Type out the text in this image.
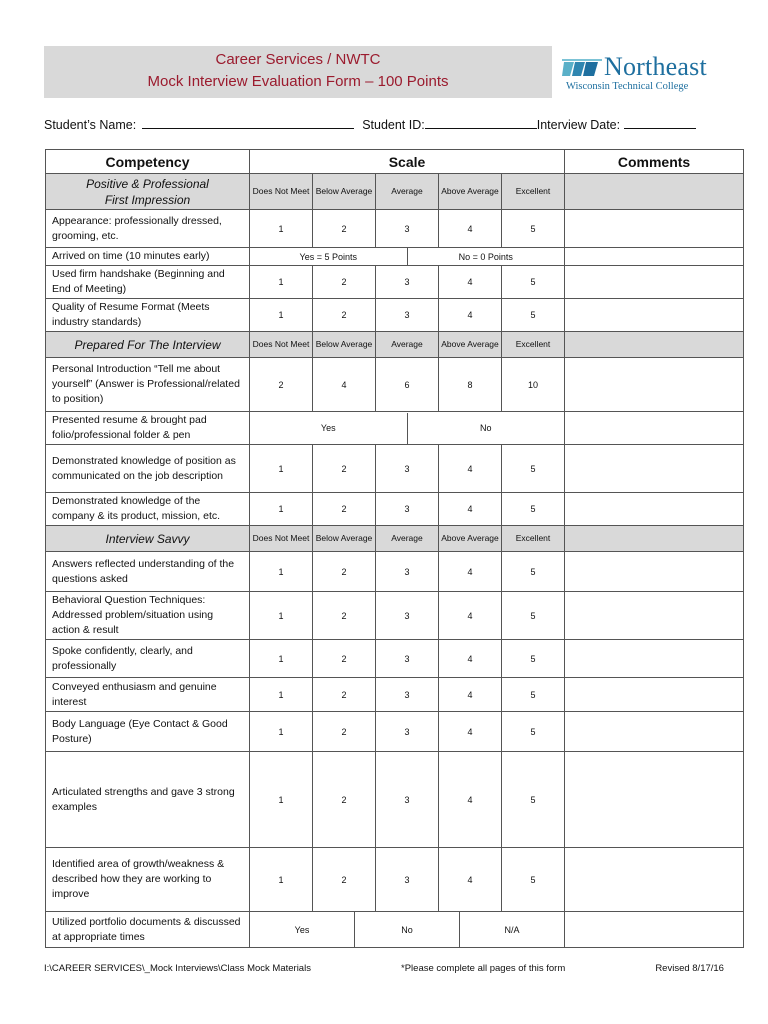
Career Services / NWTC
Mock Interview Evaluation Form – 100 Points
Northeast
Wisconsin Technical College
Student’s Name:	Student ID:	Interview Date:
Competency	Scale					Comments

Positive & Professional
First Impression	Does Not Meet	Below Average	Average	Above Average	Excellent	
Appearance: professionally dressed, grooming, etc.	1	2	3	4	5	
Arrived on time (10 minutes early)	Yes = 5 Points No = 0 Points					

Used firm handshake (Beginning and End of Meeting)	1	2	3	4	5	
Quality of Resume Format (Meets industry standards)	1	2	3	4	5	

Prepared For The Interview	Does Not Meet	Below Average	Average	Above Average	Excellent	
Personal Introduction “Tell me about yourself” (Answer is Professional/related to position)	2	4	6	8	10	
Presented resume & brought pad folio/professional folder & pen	Yes No					

Demonstrated knowledge of position as communicated on the job description	1	2	3	4	5	
Demonstrated knowledge of the company & its product, mission, etc.	1	2	3	4	5	

Interview Savvy	Does Not Meet	Below Average	Average	Above Average	Excellent	
Answers reflected understanding of the questions asked	1	2	3	4	5	
Behavioral Question Techniques: Addressed problem/situation using action & result	1	2	3	4	5	
Spoke confidently, clearly, and professionally	1	2	3	4	5	
Conveyed enthusiasm and genuine interest	1	2	3	4	5	
Body Language (Eye Contact & Good Posture)	1	2	3	4	5	
Articulated strengths and gave 3 strong examples	1	2	3	4	5	
Identified area of growth/weakness & described how they are working to improve	1	2	3	4	5	
Utilized portfolio documents & discussed at appropriate times	Yes No N/A					

I:\CAREER SERVICES\_Mock Interviews\Class Mock Materials	*Please complete all pages of this form	Revised 8/17/16
